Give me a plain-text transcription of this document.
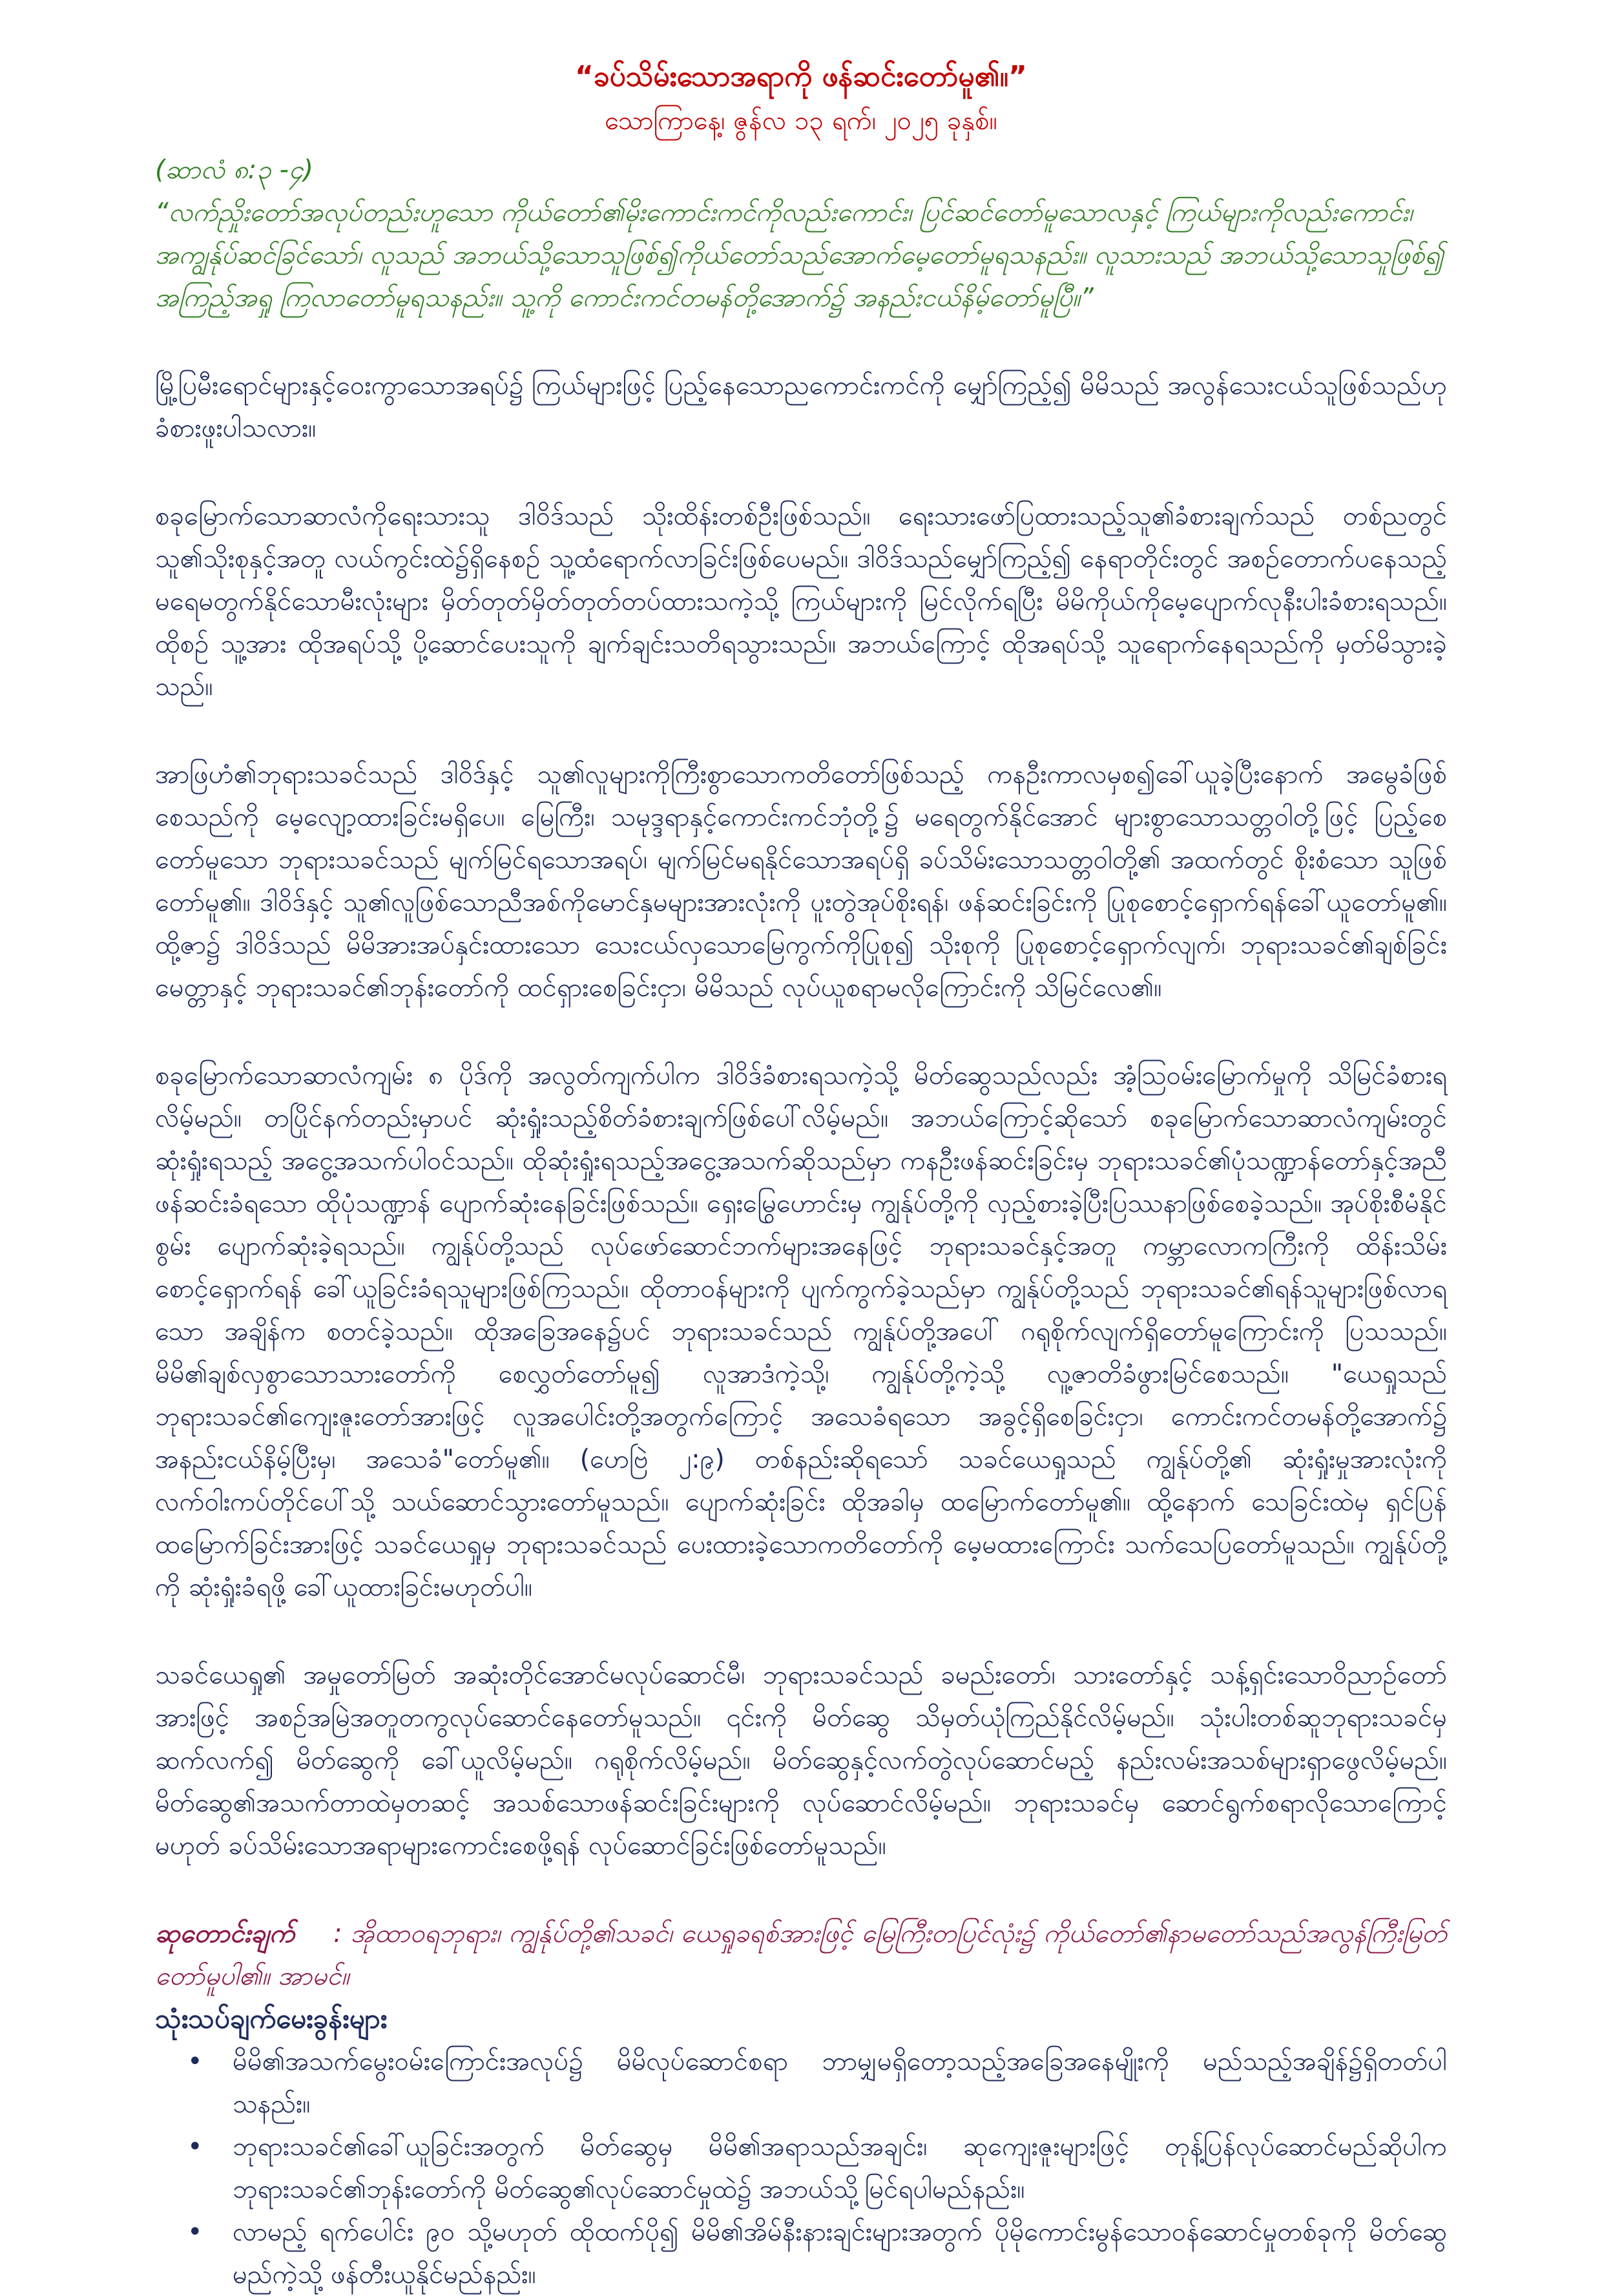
“ခပ်သိမ်းသောအရာကို ဖန်ဆင်းတော်မူ၏။”
သောကြာနေ့၊ ဇွန်လ ၁၃ ရက်၊ ၂၀၂၅ ခုနှစ်။
(ဆာလံ ၈:၃ -၄)
“လက်ညှိုးတော်အလုပ်တည်းဟူသော ကိုယ်တော်၏မိုးကောင်းကင်ကိုလည်းကောင်း၊ ပြင်ဆင်တော်မူသောလနှင့် ကြယ်များကိုလည်းကောင်း၊ အကျွန်ုပ်ဆင်ခြင်သော်၊ လူသည် အဘယ်သို့သောသူဖြစ်၍ကိုယ်တော်သည်အောက်မေ့တော်မူရသနည်း။ လူသားသည် အဘယ်သို့သောသူဖြစ်၍ အကြည့်အရှု ကြလာတော်မူရသနည်း။ သူ့ကို ကောင်းကင်တမန်တို့အောက်၌ အနည်းငယ်နိမ့်တော်မူပြီ။”

မြို့ပြမီးရောင်များနှင့်ဝေးကွာသောအရပ်၌ ကြယ်များဖြင့် ပြည့်နေသောညကောင်းကင်ကို မျှော်ကြည့်၍ မိမိသည် အလွန်သေးငယ်သူဖြစ်သည်ဟု ခံစားဖူးပါသလား။

စခုမြောက်သောဆာလံကိုရေးသားသူ ဒါဝိဒ်သည် သိုးထိန်းတစ်ဦးဖြစ်သည်။ ရေးသားဖော်ပြထားသည့်သူ၏ခံစားချက်သည် တစ်ညတွင် သူ၏သိုးစုနှင့်အတူ လယ်ကွင်းထဲ၌ရှိနေစဉ် သူ့ထံရောက်လာခြင်းဖြစ်ပေမည်။ ဒါဝိဒ်သည်မျှော်ကြည့်၍ နေရာတိုင်းတွင် အစဉ်တောက်ပနေသည့် မရေမတွက်နိုင်သောမီးလုံးများ မှိတ်တုတ်မှိတ်တုတ်တပ်ထားသကဲ့သို့ ကြယ်များကို မြင်လိုက်ရပြီး မိမိကိုယ်ကိုမေ့ပျောက်လုနီးပါးခံစားရသည်။ ထိုစဉ် သူ့အား ထိုအရပ်သို့ ပို့ဆောင်ပေးသူကို ချက်ချင်းသတိရသွားသည်။ အဘယ်ကြောင့် ထိုအရပ်သို့ သူရောက်နေရသည်ကို မှတ်မိသွားခဲ့သည်။

အာဖြဟံ၏ဘုရားသခင်သည် ဒါဝိဒ်နှင့် သူ၏လူများကိုကြီးစွာသောကတိတော်ဖြစ်သည့် ကနဦးကာလမှစ၍ခေါ်ယူခဲ့ပြီးနောက် အမွေခံဖြစ်စေသည်ကို မေ့လျော့ထားခြင်းမရှိပေ။ မြေကြီး၊ သမုဒ္ဒရာနှင့်ကောင်းကင်ဘုံတို့၌ မရေတွက်နိုင်အောင် များစွာသောသတ္တဝါတို့ဖြင့် ပြည့်စေတော်မူသော ဘုရားသခင်သည် မျက်မြင်ရသောအရပ်၊ မျက်မြင်မရနိုင်သောအရပ်ရှိ ခပ်သိမ်းသောသတ္တဝါတို့၏ အထက်တွင် စိုးစံသော သူဖြစ်တော်မူ၏။ ဒါဝိဒ်နှင့် သူ၏လူဖြစ်သောညီအစ်ကိုမောင်နှမများအားလုံးကို ပူးတွဲအုပ်စိုးရန်၊ ဖန်ဆင်းခြင်းကို ပြုစုစောင့်ရှောက်ရန်ခေါ်ယူတော်မူ၏။ ထို့ဇာ၌ ဒါဝိဒ်သည် မိမိအားအပ်နှင်းထားသော သေးငယ်လှသောမြေကွက်ကိုပြုစု၍ သိုးစုကို ပြုစုစောင့်ရှောက်လျက်၊ ဘုရားသခင်၏ချစ်ခြင်းမေတ္တာနှင့် ဘုရားသခင်၏ဘုန်းတော်ကို ထင်ရှားစေခြင်းငှာ၊ မိမိသည် လုပ်ယူစရာမလိုကြောင်းကို သိမြင်လေ၏။

စခုမြောက်သောဆာလံကျမ်း ၈ ပိုဒ်ကို အလွတ်ကျက်ပါက ဒါဝိဒ်ခံစားရသကဲ့သို့ မိတ်ဆွေသည်လည်း အံ့ဩဝမ်းမြောက်မှုကို သိမြင်ခံစားရလိမ့်မည်။ တပြိုင်နက်တည်းမှာပင် ဆုံးရှုံးသည့်စိတ်ခံစားချက်ဖြစ်ပေါ်လိမ့်မည်။ အဘယ်ကြောင့်ဆိုသော် စခုမြောက်သောဆာလံကျမ်းတွင် ဆုံးရှုံးရသည့် အငွေ့အသက်ပါဝင်သည်။ ထိုဆုံးရှုံးရသည့်အငွေ့အသက်ဆိုသည်မှာ ကနဦးဖန်ဆင်းခြင်းမှ ဘုရားသခင်၏ပုံသဏ္ဍာန်တော်နှင့်အညီဖန်ဆင်းခံရသော ထိုပုံသဏ္ဍာန် ပျောက်ဆုံးနေခြင်းဖြစ်သည်။ ရှေးမြွေဟောင်းမှ ကျွန်ုပ်တို့ကို လှည့်စားခဲ့ပြီးပြဿနာဖြစ်စေခဲ့သည်။ အုပ်စိုးစီမံနိုင်စွမ်း ပျောက်ဆုံးခဲ့ရသည်။ ကျွန်ုပ်တို့သည် လုပ်ဖော်ဆောင်ဘက်များအနေဖြင့် ဘုရားသခင်နှင့်အတူ ကမ္ဘာလောကကြီးကို ထိန်းသိမ်းစောင့်ရှောက်ရန် ခေါ်ယူခြင်းခံရသူများဖြစ်ကြသည်။ ထိုတာဝန်များကို ပျက်ကွက်ခဲ့သည်မှာ ကျွန်ုပ်တို့သည် ဘုရားသခင်၏ရန်သူများဖြစ်လာရသော အချိန်က စတင်ခဲ့သည်။ ထိုအခြေအနေ၌ပင် ဘုရားသခင်သည် ကျွန်ုပ်တို့အပေါ် ဂရုစိုက်လျက်ရှိတော်မူကြောင်းကို ပြသသည်။ မိမိ၏ချစ်လှစွာသောသားတော်ကို စေလွှတ်တော်မူ၍ လူအာဒံကဲ့သို့၊ ကျွန်ုပ်တို့ကဲ့သို့ လူ့ဇာတိခံဖွားမြင်စေသည်။ "ယေရှုသည် ဘုရားသခင်၏ကျေးဇူးတော်အားဖြင့် လူအပေါင်းတို့အတွက်ကြောင့် အသေခံရသော အခွင့်ရှိစေခြင်းငှာ၊ ကောင်းကင်တမန်တို့အောက်၌ အနည်းငယ်နိမ့်ပြီးမှ၊ အသေခံ"တော်မူ၏။ (ဟေဗြဲ ၂:၉) တစ်နည်းဆိုရသော် သခင်ယေရှုသည် ကျွန်ုပ်တို့၏ ဆုံးရှုံးမှုအားလုံးကို လက်ဝါးကပ်တိုင်ပေါ်သို့ သယ်ဆောင်သွားတော်မူသည်။ ပျောက်ဆုံးခြင်း ထိုအခါမှ ထမြောက်တော်မူ၏။ ထို့နောက် သေခြင်းထဲမှ ရှင်ပြန်ထမြောက်ခြင်းအားဖြင့် သခင်ယေရှုမှ ဘုရားသခင်သည် ပေးထားခဲ့သောကတိတော်ကို မေ့မထားကြောင်း သက်သေပြတော်မူသည်။ ကျွန်ုပ်တို့ကို ဆုံးရှုံးခံရဖို့ ခေါ်ယူထားခြင်းမဟုတ်ပါ။

သခင်ယေရှု၏ အမှုတော်မြတ် အဆုံးတိုင်အောင်မလုပ်ဆောင်မီ၊ ဘုရားသခင်သည် ခမည်းတော်၊ သားတော်နှင့် သန့်ရှင်းသောဝိညာဉ်တော်အားဖြင့် အစဉ်အမြဲအတူတကွလုပ်ဆောင်နေတော်မူသည်။ ၎င်းကို မိတ်ဆွေ သိမှတ်ယုံကြည်နိုင်လိမ့်မည်။ သုံးပါးတစ်ဆူဘုရားသခင်မှ ဆက်လက်၍ မိတ်ဆွေကို ခေါ်ယူလိမ့်မည်။ ဂရုစိုက်လိမ့်မည်။ မိတ်ဆွေနှင့်လက်တွဲလုပ်ဆောင်မည့် နည်းလမ်းအသစ်များရှာဖွေလိမ့်မည်။ မိတ်ဆွေ၏အသက်တာထဲမှတဆင့် အသစ်သောဖန်ဆင်းခြင်းများကို လုပ်ဆောင်လိမ့်မည်။ ဘုရားသခင်မှ ဆောင်ရွက်စရာလိုသောကြောင့်မဟုတ် ခပ်သိမ်းသောအရာများကောင်းစေဖို့ရန် လုပ်ဆောင်ခြင်းဖြစ်တော်မူသည်။

ဆုတောင်းချက် : အိုထာဝရဘုရား၊ ကျွန်ုပ်တို့၏သခင်၊ ယေရှုခရစ်အားဖြင့် မြေကြီးတပြင်လုံး၌ ကိုယ်တော်၏နာမတော်သည်အလွန်ကြီးမြတ်တော်မူပါ၏။ အာမင်။
သုံးသပ်ချက်မေးခွန်းများ
• မိမိ၏အသက်မွေးဝမ်းကြောင်းအလုပ်၌ မိမိလုပ်ဆောင်စရာ ဘာမျှမရှိတော့သည့်အခြေအနေမျိုးကို မည်သည့်အချိန်၌ရှိတတ်ပါသနည်း။
• ဘုရားသခင်၏ခေါ်ယူခြင်းအတွက် မိတ်ဆွေမှ မိမိ၏အရာသည်အချင်း၊ ဆုကျေးဇူးများဖြင့် တုန့်ပြန်လုပ်ဆောင်မည်ဆိုပါက ဘုရားသခင်၏ဘုန်းတော်ကို မိတ်ဆွေ၏လုပ်ဆောင်မှုထဲ၌ အဘယ်သို့မြင်ရပါမည်နည်း။
• လာမည့် ရက်ပေါင်း ၉၀ သို့မဟုတ် ထိုထက်ပို၍ မိမိ၏အိမ်နီးနားချင်းများအတွက် ပိုမိုကောင်းမွန်သောဝန်ဆောင်မှုတစ်ခုကို မိတ်ဆွေမည်ကဲ့သို့ ဖန်တီးယူနိုင်မည်နည်း။
